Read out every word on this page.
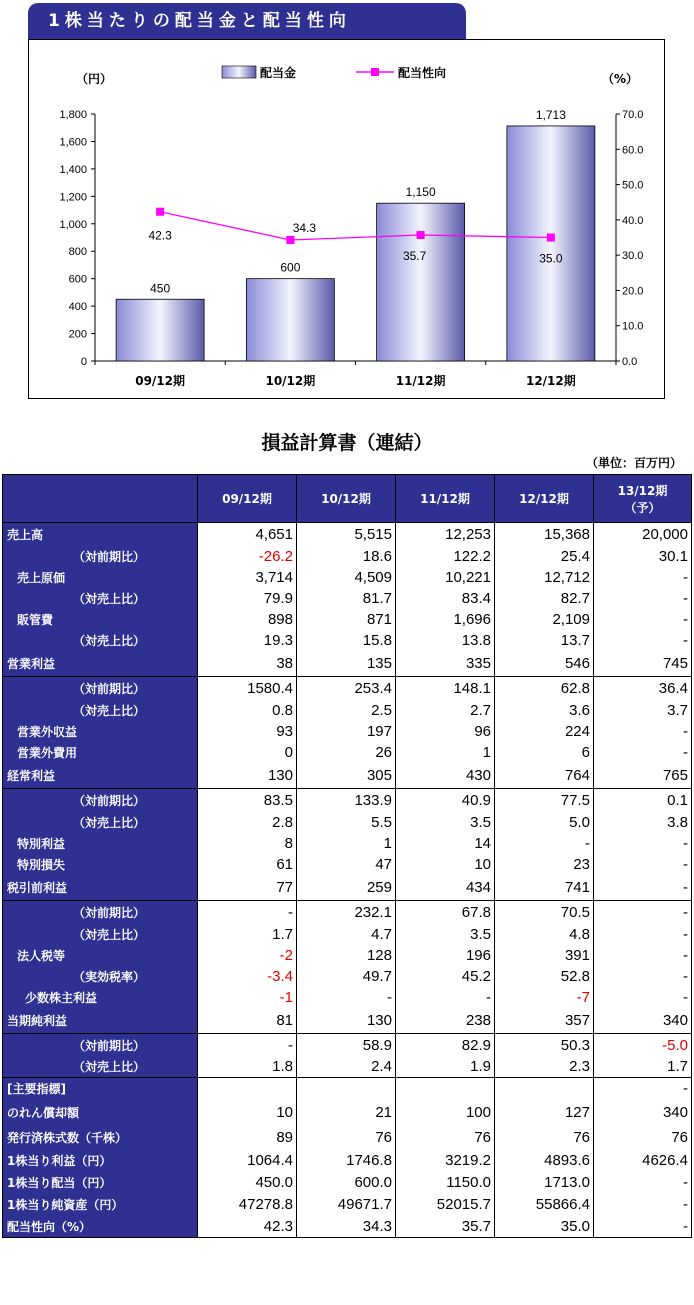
1株当たりの配当金と配当性向
0
200
400
600
800
1,000
1,200
1,400
1,600
1,800
0.0
10.0
20.0
30.0
40.0
50.0
60.0
70.0
（円）	（%）
配当金	配当性向
450
600
1,150
1,713
42.3
34.3
35.7	35.0
09/12期	10/12期	11/12期	12/12期
損益計算書（連結）
（単位：百万円）
	09/12期	10/12期	11/12期	12/12期	13/12期
（予）
売上高	4,651	5,515	12,253	15,368	20,000
（対前期比）	-26.2	18.6	122.2	25.4	30.1
売上原価	3,714	4,509	10,221	12,712	-
（対売上比）	79.9	81.7	83.4	82.7	-
販管費	898	871	1,696	2,109	-
（対売上比）	19.3	15.8	13.8	13.7	-
営業利益	38	135	335	546	745
（対前期比）	1580.4	253.4	148.1	62.8	36.4
（対売上比）	0.8	2.5	2.7	3.6	3.7
営業外収益	93	197	96	224	-
営業外費用	0	26	1	6	-
経常利益	130	305	430	764	765
（対前期比）	83.5	133.9	40.9	77.5	0.1
（対売上比）	2.8	5.5	3.5	5.0	3.8
特別利益	8	1	14	-	-
特別損失	61	47	10	23	-
税引前利益	77	259	434	741	-
（対前期比）	-	232.1	67.8	70.5	-
（対売上比）	1.7	4.7	3.5	4.8	-
法人税等	-2	128	196	391	-
（実効税率）	-3.4	49.7	45.2	52.8	-
少数株主利益	-1	-	-	-7	-
当期純利益	81	130	238	357	340
（対前期比）	-	58.9	82.9	50.3	-5.0
（対売上比）	1.8	2.4	1.9	2.3	1.7
[主要指標]					-
のれん償却額	10	21	100	127	340
発行済株式数（千株）	89	76	76	76	76
1株当り利益（円）	1064.4	1746.8	3219.2	4893.6	4626.4
1株当り配当（円）	450.0	600.0	1150.0	1713.0	-
1株当り純資産（円）	47278.8	49671.7	52015.7	55866.4	-
配当性向（%）	42.3	34.3	35.7	35.0	-
